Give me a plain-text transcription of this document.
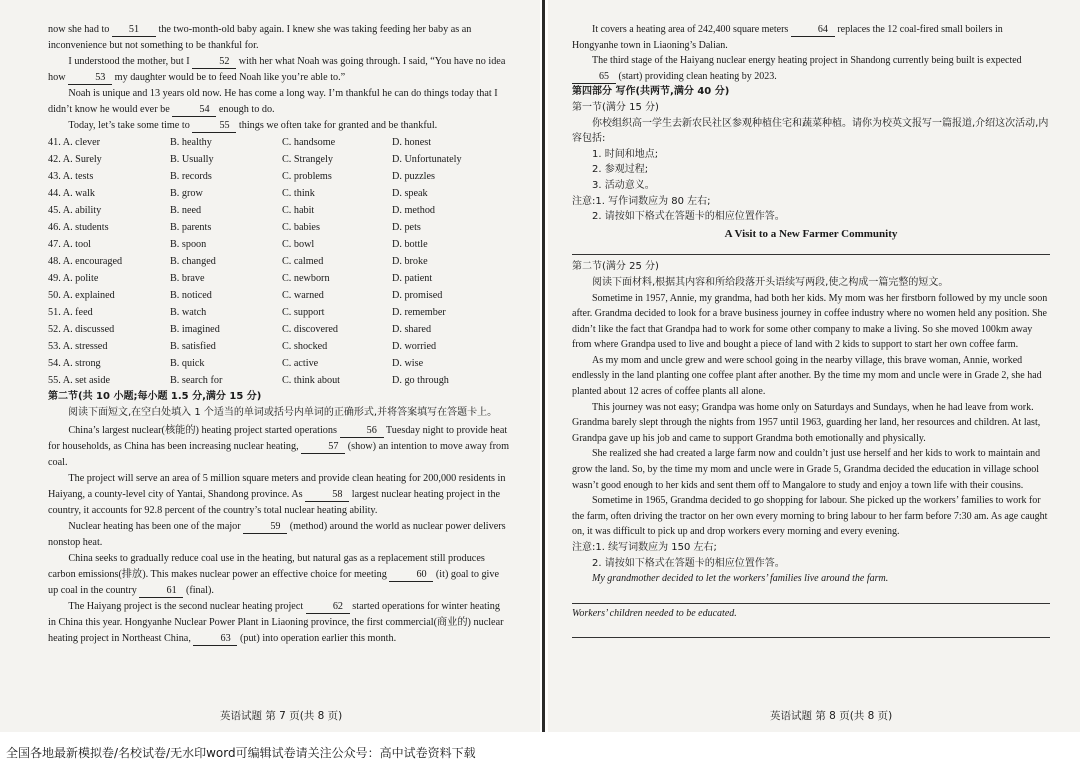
now she had to 51 the two-month-old baby again. I knew she was taking feeding her baby as an inconvenience but not something to be thankful for.

I understood the mother, but I	52 with her what Noah was going through. I said, “You have no idea how	53 my daughter would be to feed Noah like you’re able to.”

Noah is unique and 13 years old now. He has come a long way. I’m thankful he can do things today that I didn’t know he would ever be	54 enough to do.

Today, let’s take some time to	55 things we often take for granted and be thankful.

41. A. clever	B. healthy	C. handsome	D. honest
42. A. Surely	B. Usually	C. Strangely	D. Unfortunately
43. A. tests	B. records	C. problems	D. puzzles
44. A. walk	B. grow	C. think	D. speak
45. A. ability	B. need	C. habit	D. method
46. A. students	B. parents	C. babies	D. pets
47. A. tool	B. spoon	C. bowl	D. bottle
48. A. encouraged	B. changed	C. calmed	D. broke
49. A. polite	B. brave	C. newborn	D. patient
50. A. explained	B. noticed	C. warned	D. promised
51. A. feed	B. watch	C. support	D. remember
52. A. discussed	B. imagined	C. discovered	D. shared
53. A. stressed	B. satisfied	C. shocked	D. worried
54. A. strong	B. quick	C. active	D. wise
55. A. set aside	B. search for	C. think about	D. go through

第二节(共 10 小题;每小题 1.5 分,满分 15 分)

阅读下面短文,在空白处填入 1 个适当的单词或括号内单词的正确形式,并将答案填写在答题卡上。

China’s largest nuclear(核能的) heating project started operations	56 Tuesday night to provide heat for households, as China has been increasing nuclear heating,	57 (show) an intention to move away from coal.

The project will serve an area of 5 million square meters and provide clean heating for 200,000 residents in Haiyang, a county-level city of Yantai, Shandong province. As	58 largest nuclear heating project in the country, it accounts for 92.8 percent of the country’s total nuclear heating ability.

Nuclear heating has been one of the major	59 (method) around the world as nuclear power delivers nonstop heat.

China seeks to gradually reduce coal use in the heating, but natural gas as a replacement still produces carbon emissions(排放). This makes nuclear power an effective choice for meeting	60 (it) goal to give up coal in the country	61 (final).

The Haiyang project is the second nuclear heating project	62 started operations for winter heating in China this year. Hongyanhe Nuclear Power Plant in Liaoning province, the first commercial(商业的) nuclear heating project in Northeast China,	63 (put) into operation earlier this month.

It covers a heating area of 242,400 square meters	64 replaces the 12 coal-fired small boilers in Hongyanhe town in Liaoning’s Dalian.

The third stage of the Haiyang nuclear energy heating project in Shandong currently being built is expected 65 (start) providing clean heating by 2023.

第四部分 写作(共两节,满分 40 分)

第一节(满分 15 分)

你校组织高一学生去新农民社区参观种植住宅和蔬菜种植。请你为校英文报写一篇报道,介绍这次活动,内容包括:

1. 时间和地点;

2. 参观过程;

3. 活动意义。

注意:1. 写作词数应为 80 左右;

2. 请按如下格式在答题卡的相应位置作答。

A Visit to a New Farmer Community

第二节(满分 25 分)

阅读下面材料,根据其内容和所给段落开头语续写两段,使之构成一篇完整的短文。

Sometime in 1957, Annie, my grandma, had both her kids. My mom was her firstborn followed by my uncle soon after. Grandma decided to look for a brave business journey in coffee industry where no women held any position. She didn’t like the fact that Grandpa had to work for some other company to make a living. So she moved 100km away from where Grandpa used to live and bought a piece of land with 2 kids to support to start her own coffee farm.

As my mom and uncle grew and were school going in the nearby village, this brave woman, Annie, worked endlessly in the land planting one coffee plant after another. By the time my mom and uncle were in Grade 2, she had planted about 12 acres of coffee plants all alone.

This journey was not easy; Grandpa was home only on Saturdays and Sundays, when he had leave from work. Grandma barely slept through the nights from 1957 until 1963, guarding her land, her resources and children. At last, Grandpa gave up his job and came to support Grandma both emotionally and physically.

She realized she had created a large farm now and couldn’t just use herself and her kids to work to maintain and grow the land. So, by the time my mom and uncle were in Grade 5, Grandma decided the education in village school wasn’t good enough to her kids and sent them off to Mangalore to study and enjoy a town life with their cousins.

Sometime in 1965, Grandma decided to go shopping for labour. She picked up the workers’ families to work for the farm, often driving the tractor on her own every morning to bring labour to her farm before 7:30 am. As age caught on, it was difficult to pick up and drop workers every morning and every evening.

注意:1. 续写词数应为 150 左右;

2. 请按如下格式在答题卡的相应位置作答。

My grandmother decided to let the workers’ families live around the farm.

Workers’ children needed to be educated.

英语试题 第 7 页(共 8 页)	英语试题 第 8 页(共 8 页)
全国各地最新模拟卷/名校试卷/无水印word可编辑试卷请关注公众号：高中试卷资料下载
